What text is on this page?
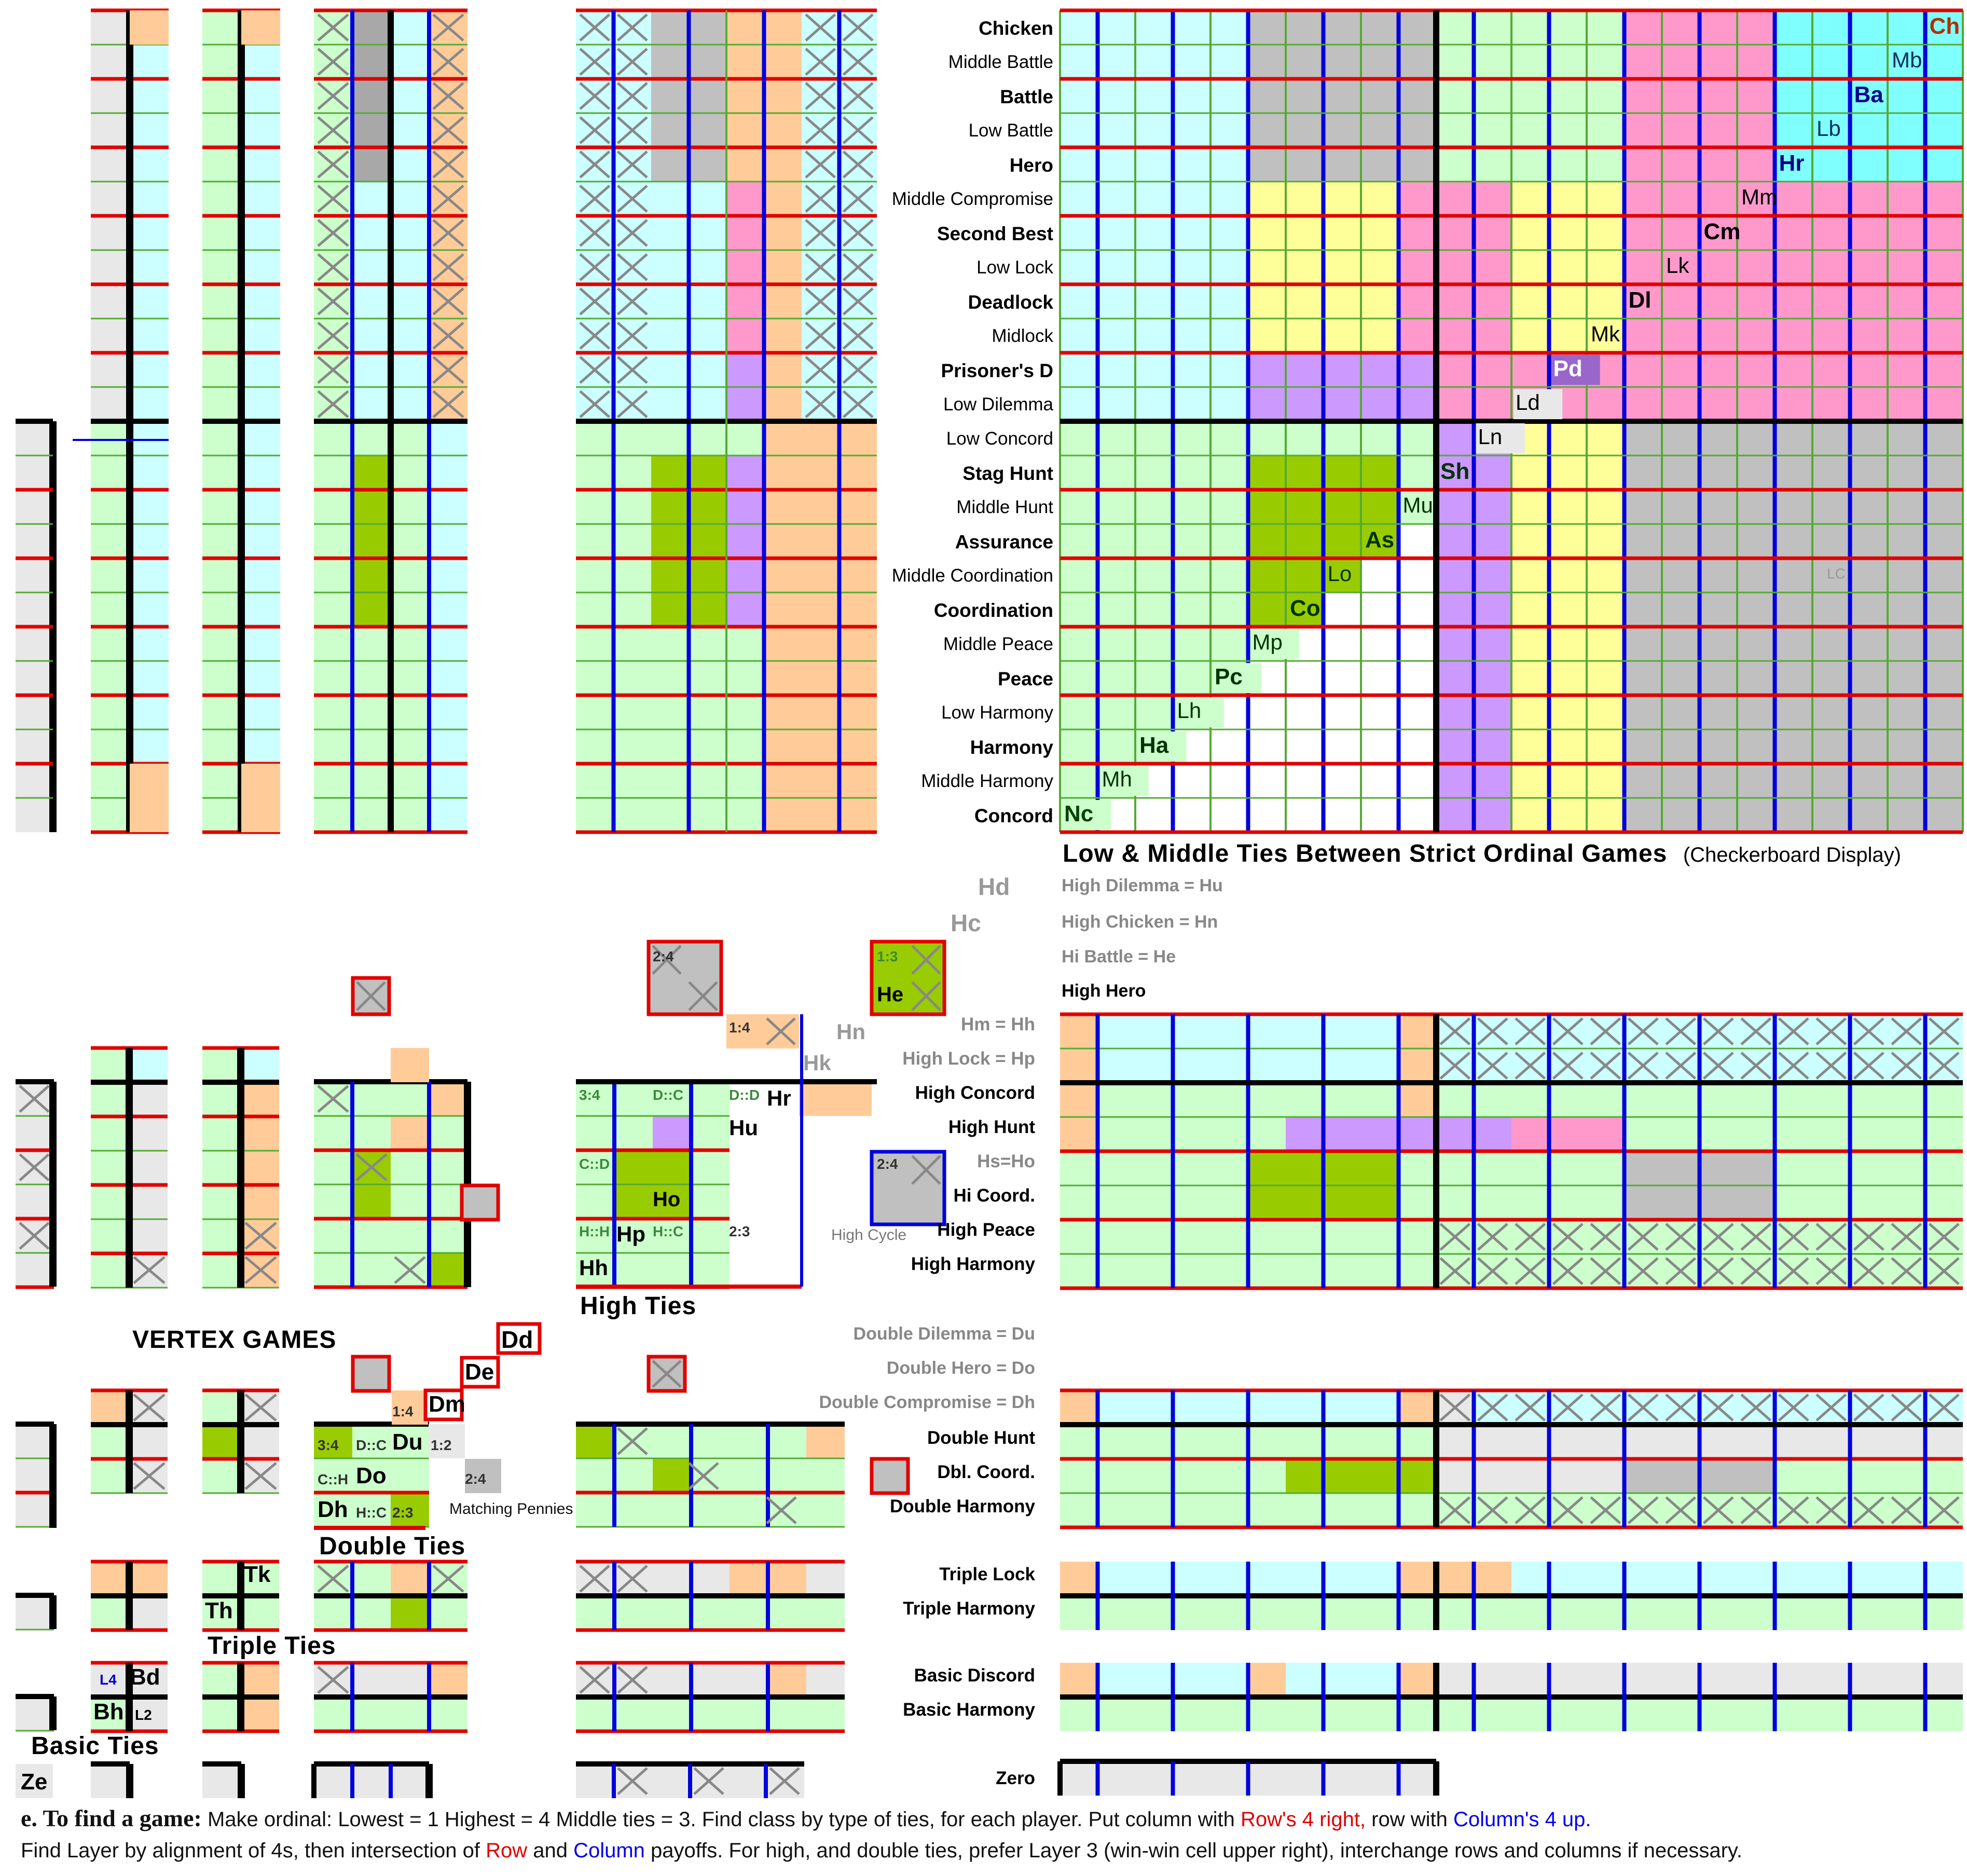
Chicken
Middle Battle
Battle
Low Battle
Hero
Middle Compromise
Second Best
Low Lock
Deadlock
Midlock
Prisoner's D
Low Dilemma
Low Concord
Stag Hunt
Middle Hunt
Assurance
Middle Coordination
Coordination
Middle Peace
Peace
Low Harmony
Harmony
Middle Harmony
Concord
Low & Middle Ties Between Strict Ordinal Games (Checkerboard Display)
High Dilemma = Hu
High Chicken = Hn
Hi Battle = He
High Hero
Hd
Hc
Hm = Hh
High Lock = Hp
High Concord
High Hunt
Hs=Ho
Hi Coord.
High Peace
High Harmony
Double Dilemma = Du
Double Hero = Do
Double Compromise = Dh
Double Hunt
Dbl. Coord.
Double Harmony
Triple Lock
Triple Harmony
Basic Discord
Basic Harmony
Zero
VERTEX GAMES
High Ties
Double Ties
Triple Ties
Basic Ties
High Cycle
Matching Pennies
e. To find a game: Make ordinal: Lowest = 1 Highest = 4 Middle ties = 3. Find class by type of ties, for each player. Put column with Row's 4 right, row with Column's 4 up.
Find Layer by alignment of 4s, then intersection of Row and Column payoffs. For high, and double ties, prefer Layer 3 (win-win cell upper right), interchange rows and columns if necessary.
Ch
Mb
Ba
Lb
Hr
Mm
Cm
Lk
Dl
Mk
Pd
Ld
Ln
Sh
Mu
As
Lo
Co
Mp
Pc
Lh
Ha
Mh
Nc
LC
He
Hn
Hk
Hr
Hu
Ho
Hp
Hh
2:4	1:3
1:4
3:4	D::C	D::D
C::D
H::H	H::C	2:3
2:4
Dd
De
Dm
Du
Do
Dh
1:4
1:2
3:4 D::C
C::H
H::C 2:3
2:4
Tk
Th
Bd
Bh
L4
L2
Ze
